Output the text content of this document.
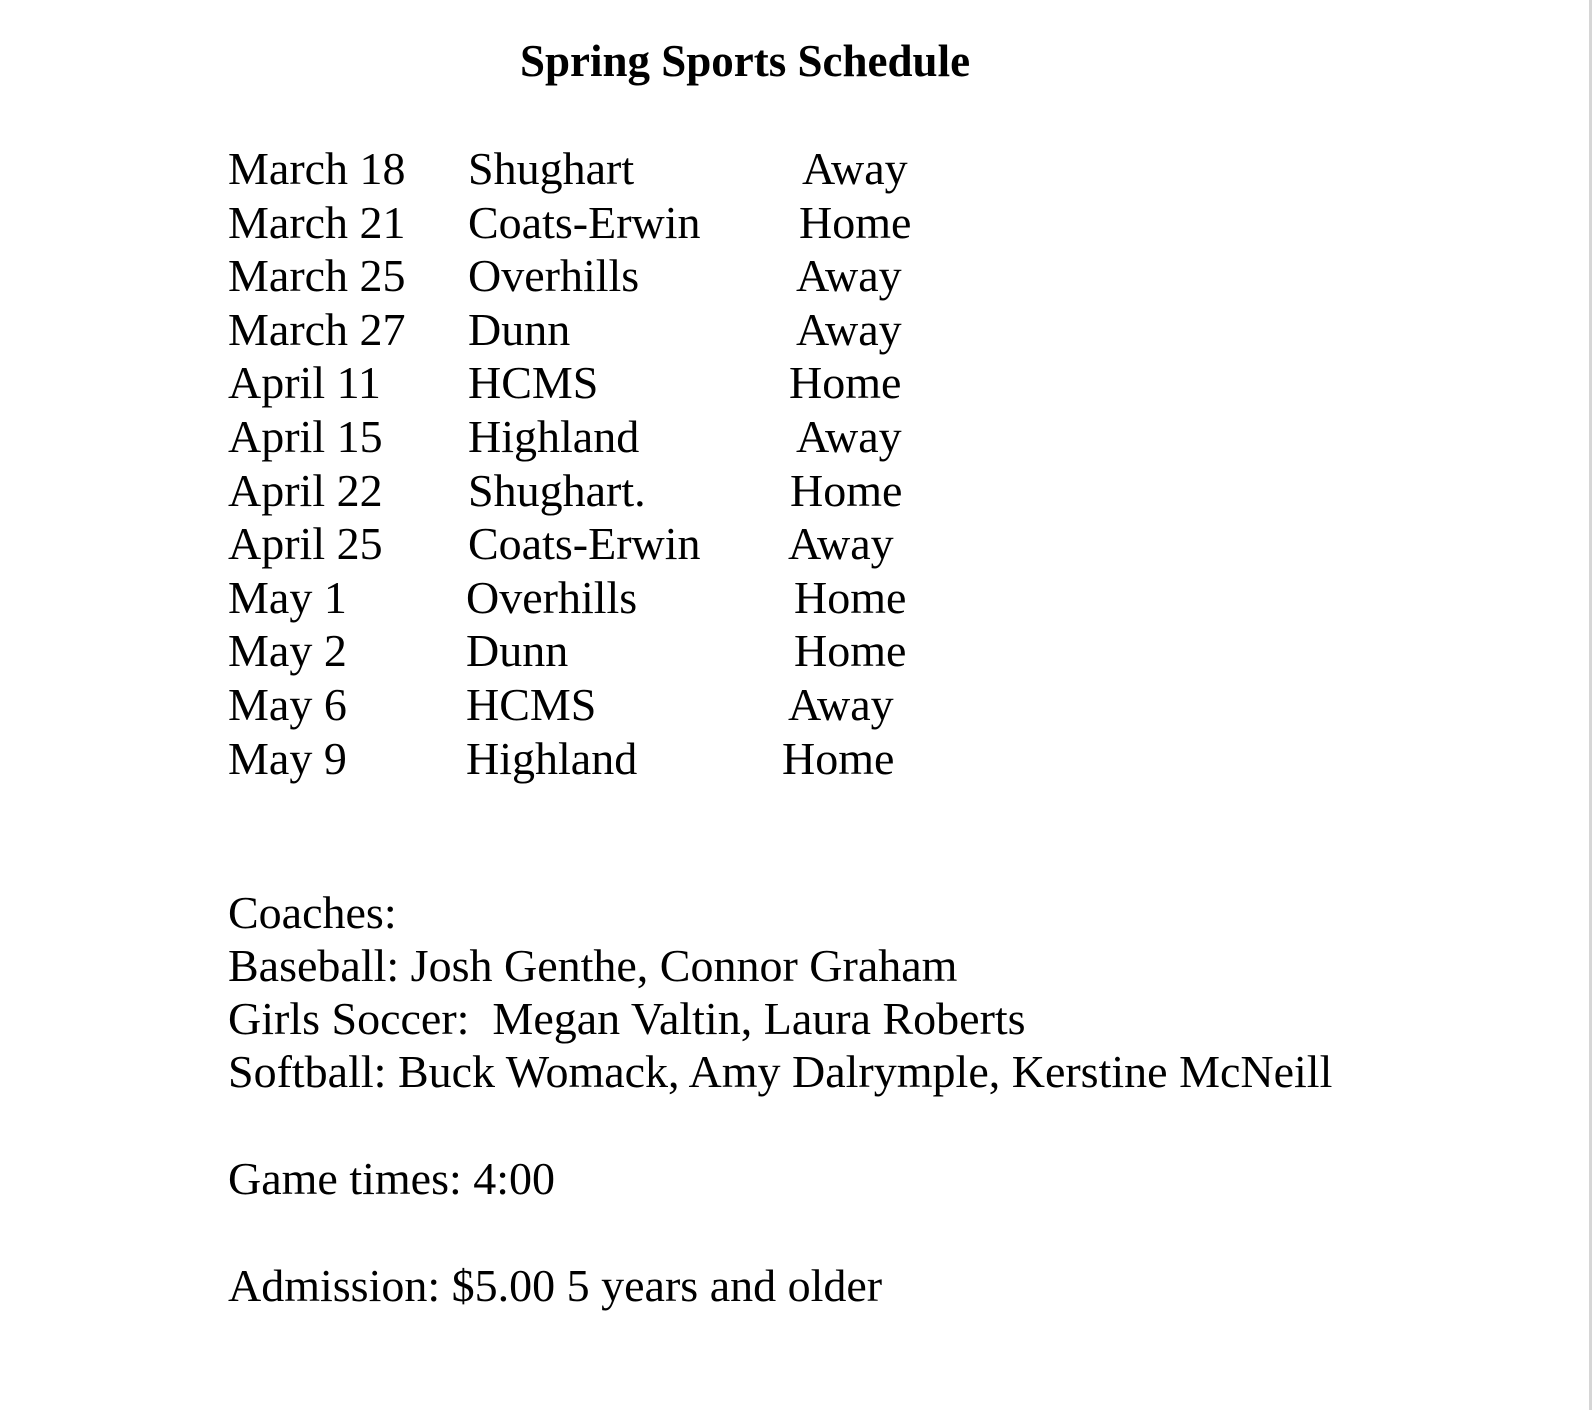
Spring Sports Schedule
March 18 Shughart	Away
March 21 Coats-Erwin Home
March 25 Overhills	Away
March 27 Dunn	Away
April 11 HCMS	Home
April 15 Highland	Away
April 22 Shughart.	Home
April 25 Coats-Erwin Away
May 1	Overhills	Home
May 2	Dunn	Home
May 6	HCMS	Away
May 9	Highland	Home
Coaches:
Baseball: Josh Genthe, Connor Graham
Girls Soccer:  Megan Valtin, Laura Roberts
Softball: Buck Womack, Amy Dalrymple, Kerstine McNeill
Game times: 4:00
Admission: $5.00 5 years and older
